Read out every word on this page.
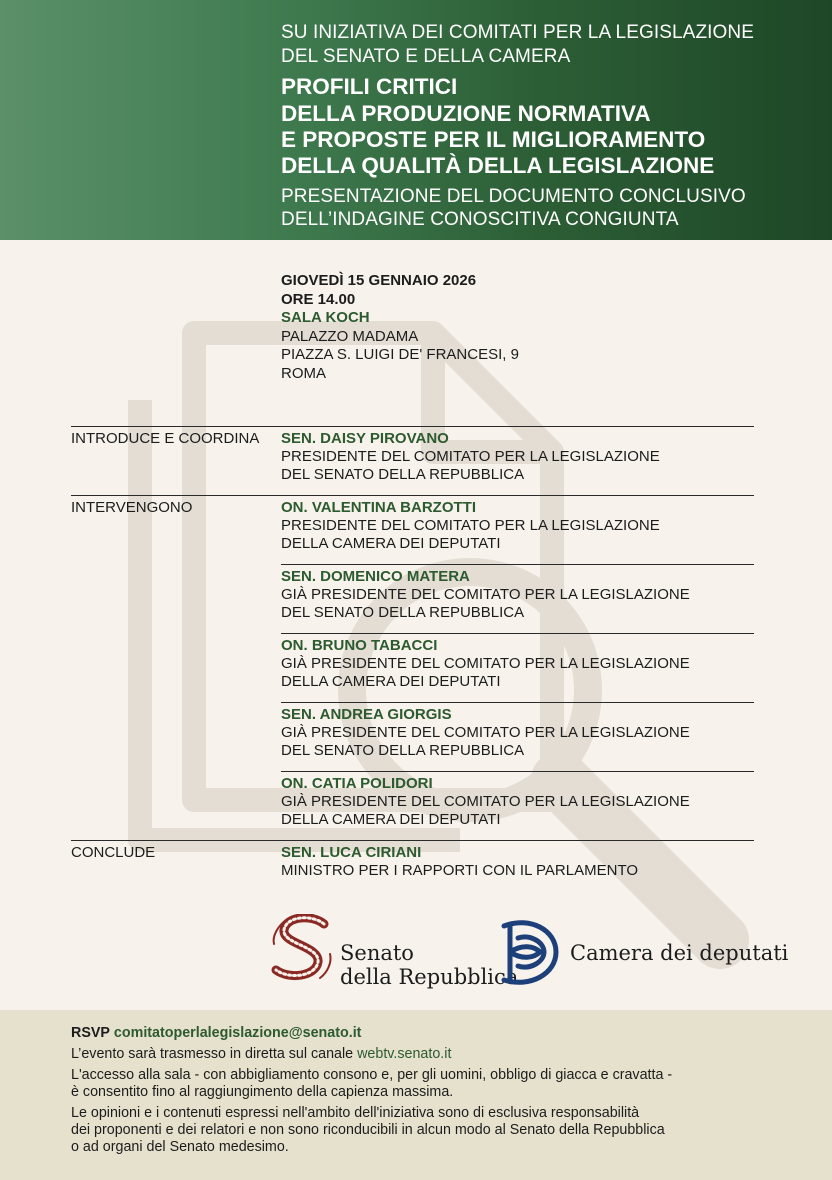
SU INIZIATIVA DEI COMITATI PER LA LEGISLAZIONE
DEL SENATO E DELLA CAMERA
PROFILI CRITICI
DELLA PRODUZIONE NORMATIVA
E PROPOSTE PER IL MIGLIORAMENTO
DELLA QUALITÀ DELLA LEGISLAZIONE
PRESENTAZIONE DEL DOCUMENTO CONCLUSIVO
DELL’INDAGINE CONOSCITIVA CONGIUNTA
GIOVEDÌ 15 GENNAIO 2026
ORE 14.00
SALA KOCH
PALAZZO MADAMA
PIAZZA S. LUIGI DE' FRANCESI, 9
ROMA
INTRODUCE E COORDINA SEN. DAISY PIROVANO
PRESIDENTE DEL COMITATO PER LA LEGISLAZIONE
DEL SENATO DELLA REPUBBLICA
INTERVENGONO	ON. VALENTINA BARZOTTI
PRESIDENTE DEL COMITATO PER LA LEGISLAZIONE
DELLA CAMERA DEI DEPUTATI
SEN. DOMENICO MATERA
GIÀ PRESIDENTE DEL COMITATO PER LA LEGISLAZIONE
DEL SENATO DELLA REPUBBLICA
ON. BRUNO TABACCI
GIÀ PRESIDENTE DEL COMITATO PER LA LEGISLAZIONE
DELLA CAMERA DEI DEPUTATI
SEN. ANDREA GIORGIS
GIÀ PRESIDENTE DEL COMITATO PER LA LEGISLAZIONE
DEL SENATO DELLA REPUBBLICA
ON. CATIA POLIDORI
GIÀ PRESIDENTE DEL COMITATO PER LA LEGISLAZIONE
DELLA CAMERA DEI DEPUTATI
CONCLUDE	SEN. LUCA CIRIANI
MINISTRO PER I RAPPORTI CON IL PARLAMENTO
Senato
della Repubblica
Camera dei deputati
RSVP comitatoperlalegislazione@senato.it
L’evento sarà trasmesso in diretta sul canale webtv.senato.it
L'accesso alla sala - con abbigliamento consono e, per gli uomini, obbligo di giacca e cravatta -
è consentito fino al raggiungimento della capienza massima.
Le opinioni e i contenuti espressi nell'ambito dell'iniziativa sono di esclusiva responsabilità
dei proponenti e dei relatori e non sono riconducibili in alcun modo al Senato della Repubblica
o ad organi del Senato medesimo.
